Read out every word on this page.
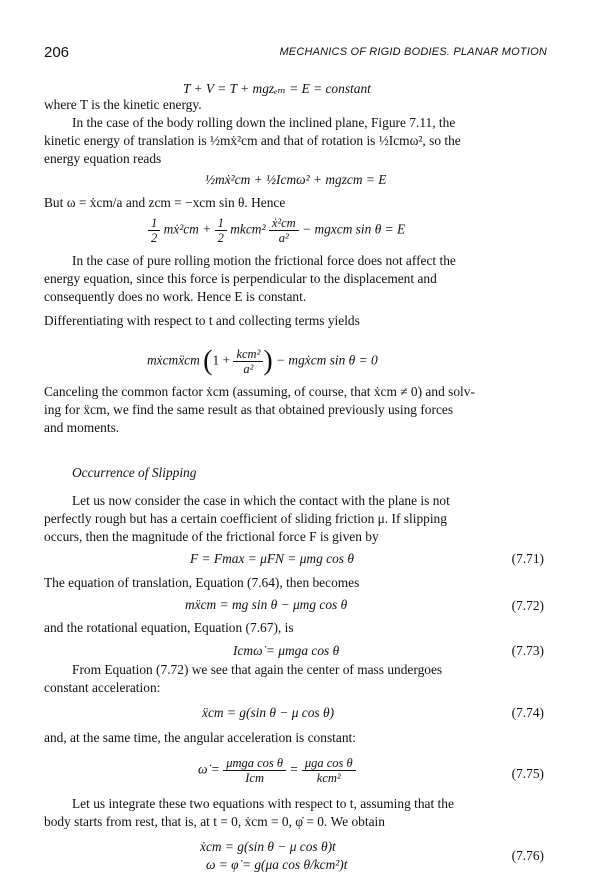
206	MECHANICS OF RIGID BODIES. PLANAR MOTION
T + V = T + mgzₑₘ = E = constant
where T is the kinetic energy.
In the case of the body rolling down the inclined plane, Figure 7.11, the
kinetic energy of translation is ½mẋ²cm and that of rotation is ½Icmω², so the
energy equation reads
½mẋ²cm + ½Icmω² + mgzcm = E
But ω = ẋcm/a and zcm = −xcm sin θ. Hence
$\frac{1}{2}$ mẋ²cm + $\frac{1}{2}$ mkcm² $\frac{\text{ẋ²cm}}{\text{a²}}$ − mgxcm sin θ = E
In the case of pure rolling motion the frictional force does not affect the
energy equation, since this force is perpendicular to the displacement and
consequently does no work. Hence E is constant.
Differentiating with respect to t and collecting terms yields
mẋcmẍcm ($1 + \frac{\text{kcm²}}{\text{a²}}$ ) − mgẋcm sin θ = 0
Canceling the common factor ẋcm (assuming, of course, that ẋcm ≠ 0) and solv-
ing for ẍcm, we find the same result as that obtained previously using forces
and moments.
Occurrence of Slipping
Let us now consider the case in which the contact with the plane is not
perfectly rough but has a certain coefficient of sliding friction μ. If slipping
occurs, then the magnitude of the frictional force F is given by
F = Fmax = μFN = μmg cos θ	(7.71)
The equation of translation, Equation (7.64), then becomes
mẍcm = mg sin θ − μmg cos θ	(7.72)
and the rotational equation, Equation (7.67), is
Icmω̇ = μmga cos θ	(7.73)
From Equation (7.72) we see that again the center of mass undergoes
constant acceleration:
ẍcm = g(sin θ − μ cos θ)	(7.74)
and, at the same time, the angular acceleration is constant:
ω̇ = $\frac{\text{μmga cos θ}}{\text{Icm}} = \frac{\text{μga cos θ}}{\text{kcm²}}$	(7.75)
Let us integrate these two equations with respect to t, assuming that the
body starts from rest, that is, at t = 0, ẋcm = 0, φ̇ = 0. We obtain
ẋcm = g(sin θ − μ cos θ)t
ω = φ̇ = g(μa cos θ/kcm²)t
(7.76)
